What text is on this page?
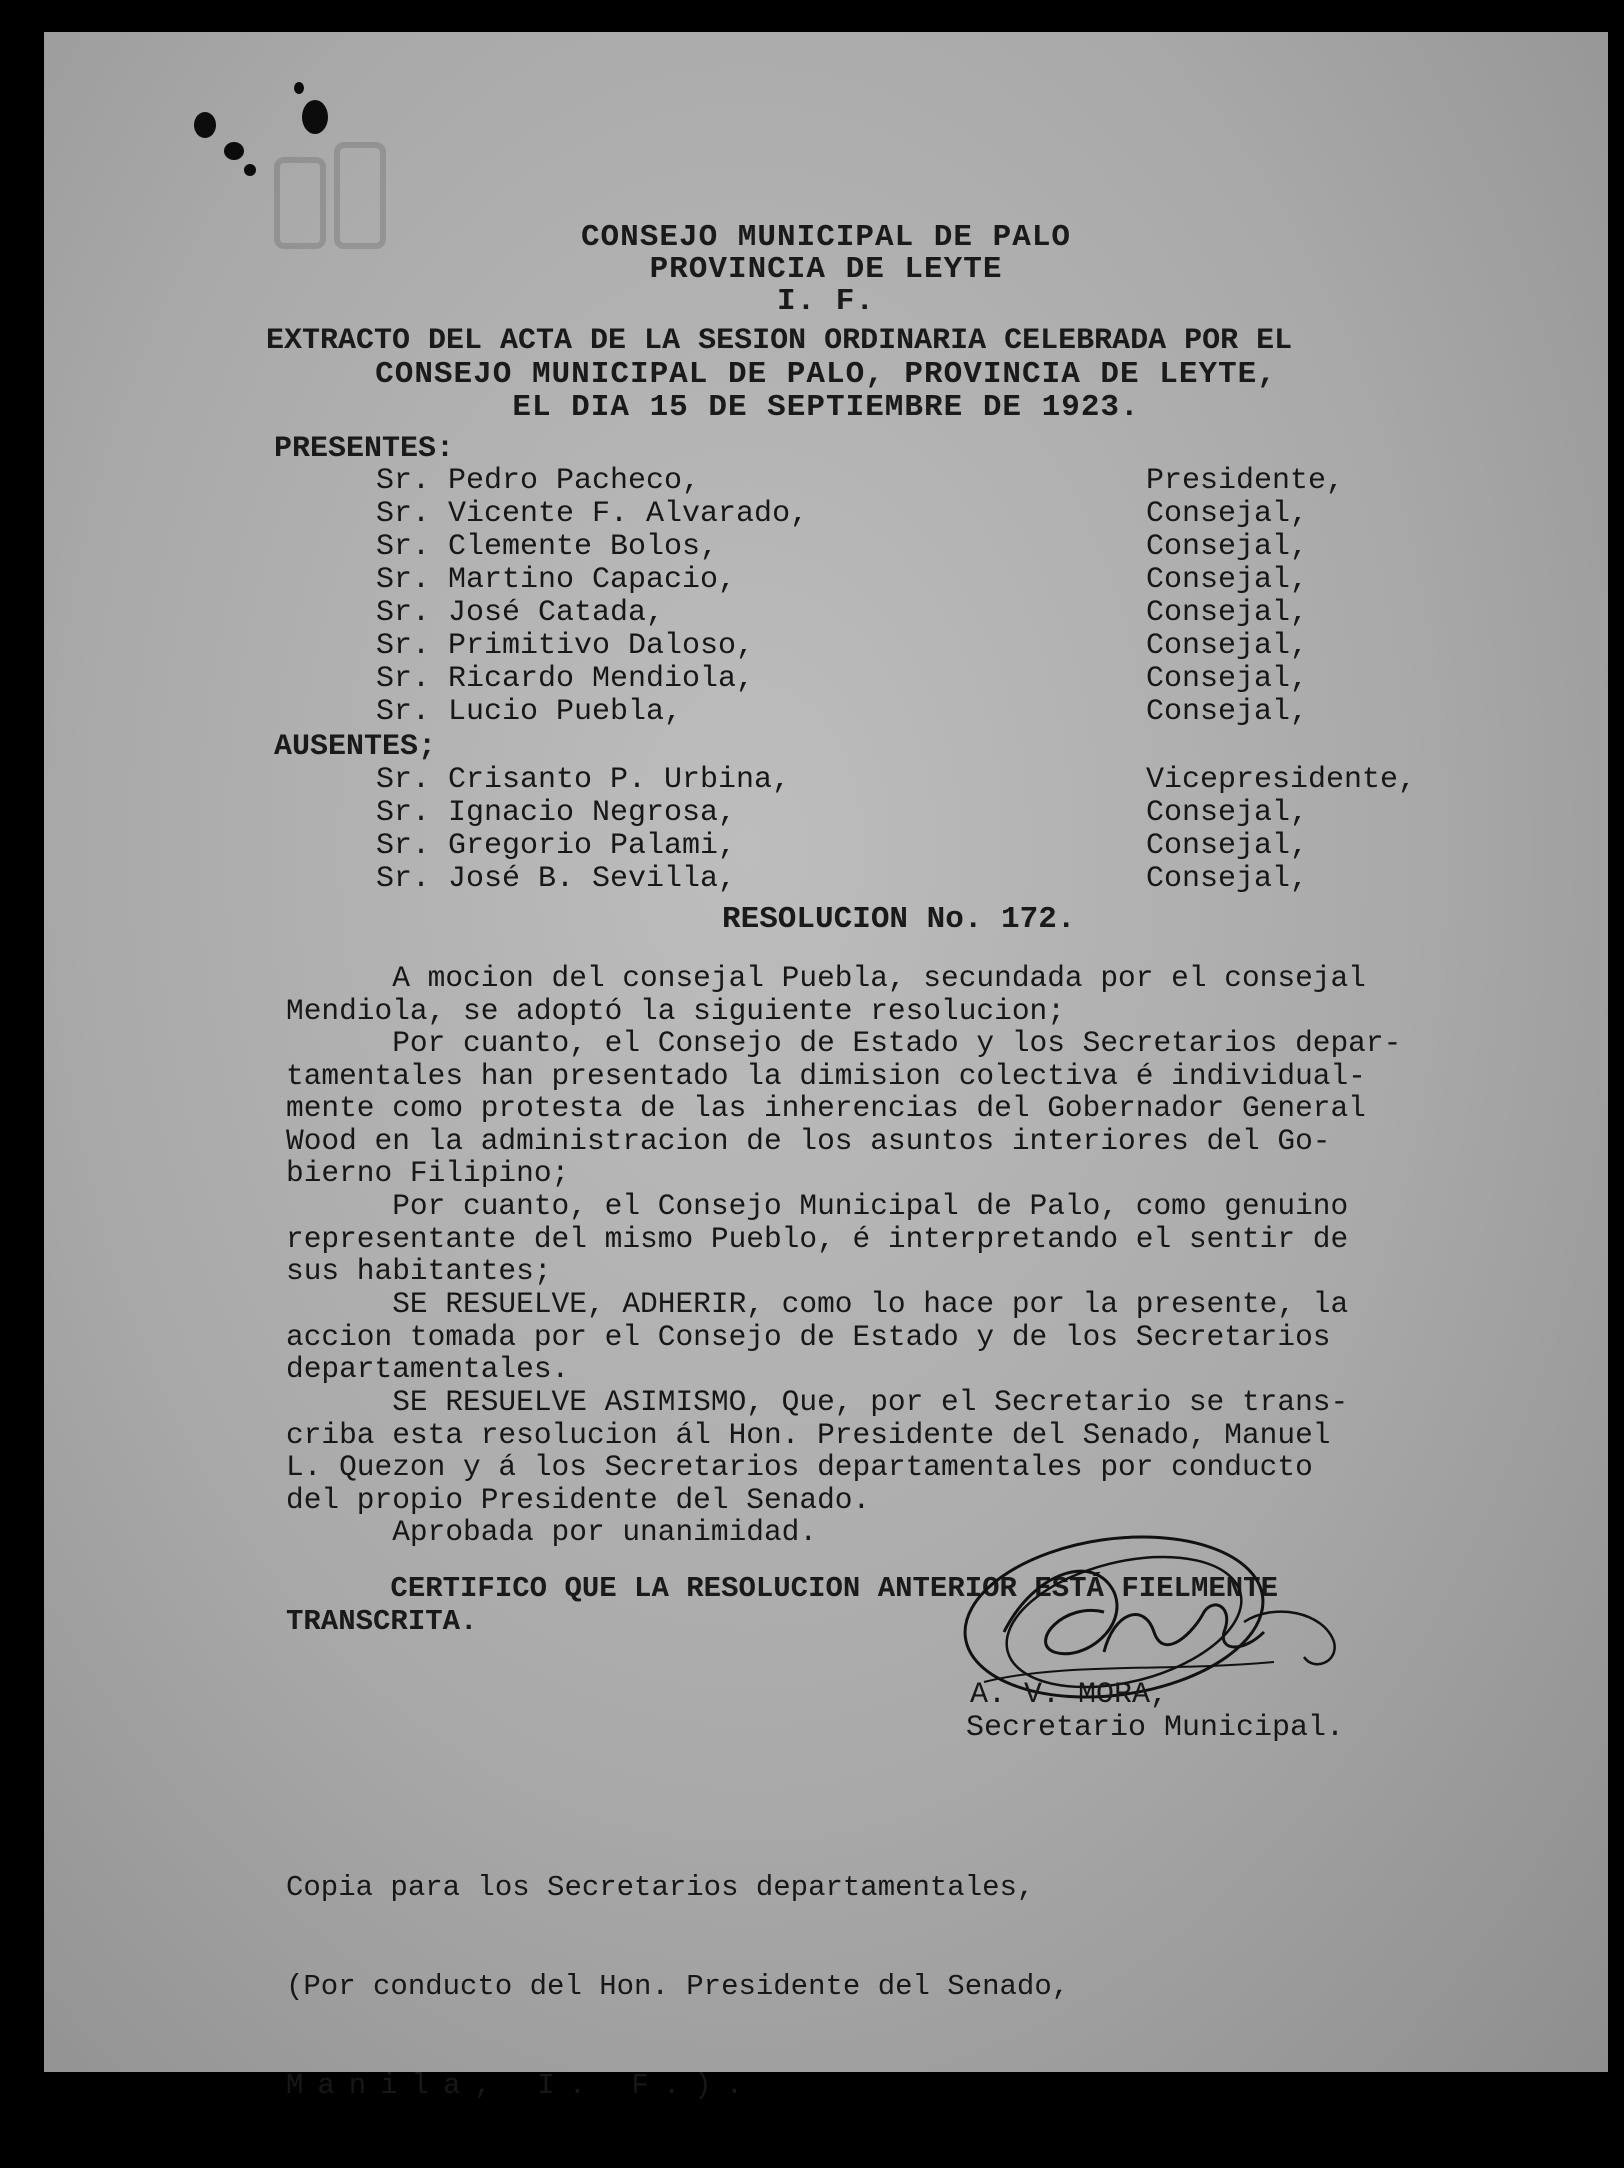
CONSEJO MUNICIPAL DE PALO
PROVINCIA DE LEYTE
I. F.
EXTRACTO DEL ACTA DE LA SESION ORDINARIA CELEBRADA POR EL
CONSEJO MUNICIPAL DE PALO, PROVINCIA DE LEYTE,
EL DIA 15 DE SEPTIEMBRE DE 1923.
PRESENTES:

Sr. Pedro Pacheco,

	Presidente,

Sr. Vicente F. Alvarado,

	Consejal,

Sr. Clemente Bolos,

	Consejal,

Sr. Martino Capacio,

	Consejal,

Sr. José Catada,

	Consejal,

Sr. Primitivo Daloso,

	Consejal,

Sr. Ricardo Mendiola,

	Consejal,

Sr. Lucio Puebla,

	Consejal,

AUSENTES;

Sr. Crisanto P. Urbina,

	Vicepresidente,

Sr. Ignacio Negrosa,

	Consejal,

Sr. Gregorio Palami,

	Consejal,

Sr. José B. Sevilla,

	Consejal,

RESOLUCION No. 172.
A mocion del consejal Puebla, secundada por el consejal
Mendiola, se adoptó la siguiente resolucion;
Por cuanto, el Consejo de Estado y los Secretarios depar-
tamentales han presentado la dimision colectiva é individual-
mente como protesta de las inherencias del Gobernador General
Wood en la administracion de los asuntos interiores del Go-
bierno Filipino;
Por cuanto, el Consejo Municipal de Palo, como genuino
representante del mismo Pueblo, é interpretando el sentir de
sus habitantes;
SE RESUELVE, ADHERIR, como lo hace por la presente, la
accion tomada por el Consejo de Estado y de los Secretarios
departamentales.
SE RESUELVE ASIMISMO, Que, por el Secretario se trans-
criba esta resolucion ál Hon. Presidente del Senado, Manuel
L. Quezon y á los Secretarios departamentales por conducto
del propio Presidente del Senado.
Aprobada por unanimidad.
CERTIFICO QUE LA RESOLUCION ANTERIOR ESTÁ FIELMENTE
TRANSCRITA.
A. V. MORA,
Secretario Municipal.

Copia para los Secretarios departamentales,

(Por conducto del Hon. Presidente del Senado,

Manila, I. F.).
